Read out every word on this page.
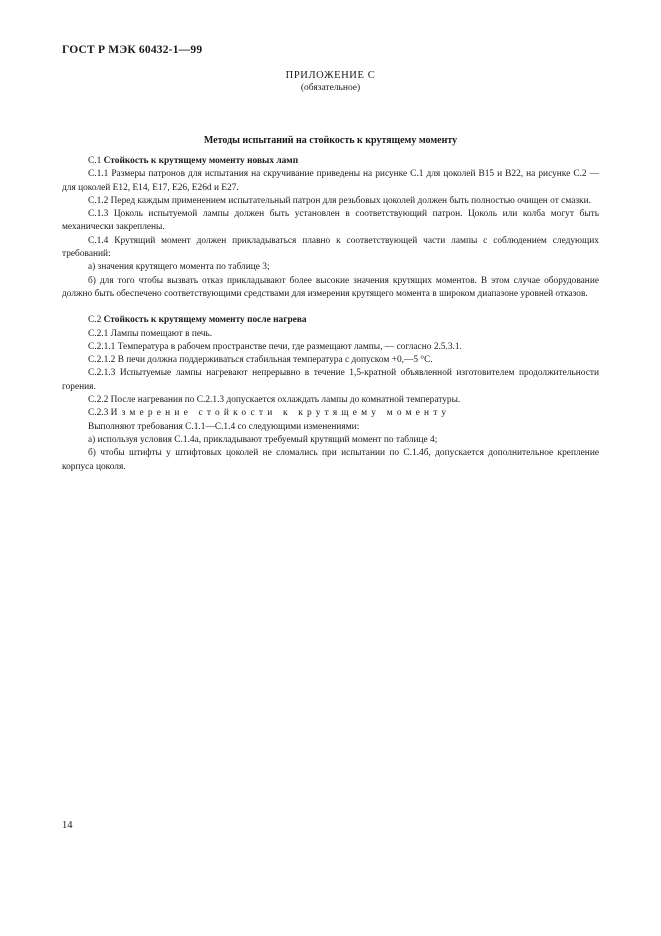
ГОСТ Р МЭК 60432-1—99
ПРИЛОЖЕНИЕ С
(обязательное)
Методы испытаний на стойкость к крутящему моменту

С.1 Стойкость к крутящему моменту новых ламп

С.1.1 Размеры патронов для испытания на скручивание приведены на рисунке С.1 для цоколей В15 и В22, на рисунке С.2 — для цоколей Е12, Е14, Е17, Е26, Е26d и Е27.

С.1.2 Перед каждым применением испытательный патрон для резьбовых цоколей должен быть полностью очищен от смазки.

С.1.3 Цоколь испытуемой лампы должен быть установлен в соответствующий патрон. Цоколь или колба могут быть механически закреплены.

С.1.4 Крутящий момент должен прикладываться плавно к соответствующей части лампы с соблюдением следующих требований:

а) значения крутящего момента по таблице 3;

б) для того чтобы вызвать отказ прикладывают более высокие значения крутящих моментов. В этом случае оборудование должно быть обеспечено соответствующими средствами для измерения крутящего момента в широком диапазоне уровней отказов.

С.2 Стойкость к крутящему моменту после нагрева

С.2.1 Лампы помещают в печь.

С.2.1.1 Температура в рабочем пространстве печи, где размещают лампы, — согласно 2.5.3.1.

С.2.1.2 В печи должна поддерживаться стабильная температура с допуском +0,—5 °С.

С.2.1.3 Испытуемые лампы нагревают непрерывно в течение 1,5-кратной объявленной изготовителем продолжительности горения.

С.2.2 После нагревания по С.2.1.3 допускается охлаждать лампы до комнатной температуры.

С.2.3 Измерение стойкости к крутящему моменту

Выполняют требования С.1.1—С.1.4 со следующими изменениями:

а) используя условия С.1.4а, прикладывают требуемый крутящий момент по таблице 4;

б) чтобы штифты у штифтовых цоколей не сломались при испытании по С.1.4б, допускается дополнительное крепление корпуса цоколя.

14
